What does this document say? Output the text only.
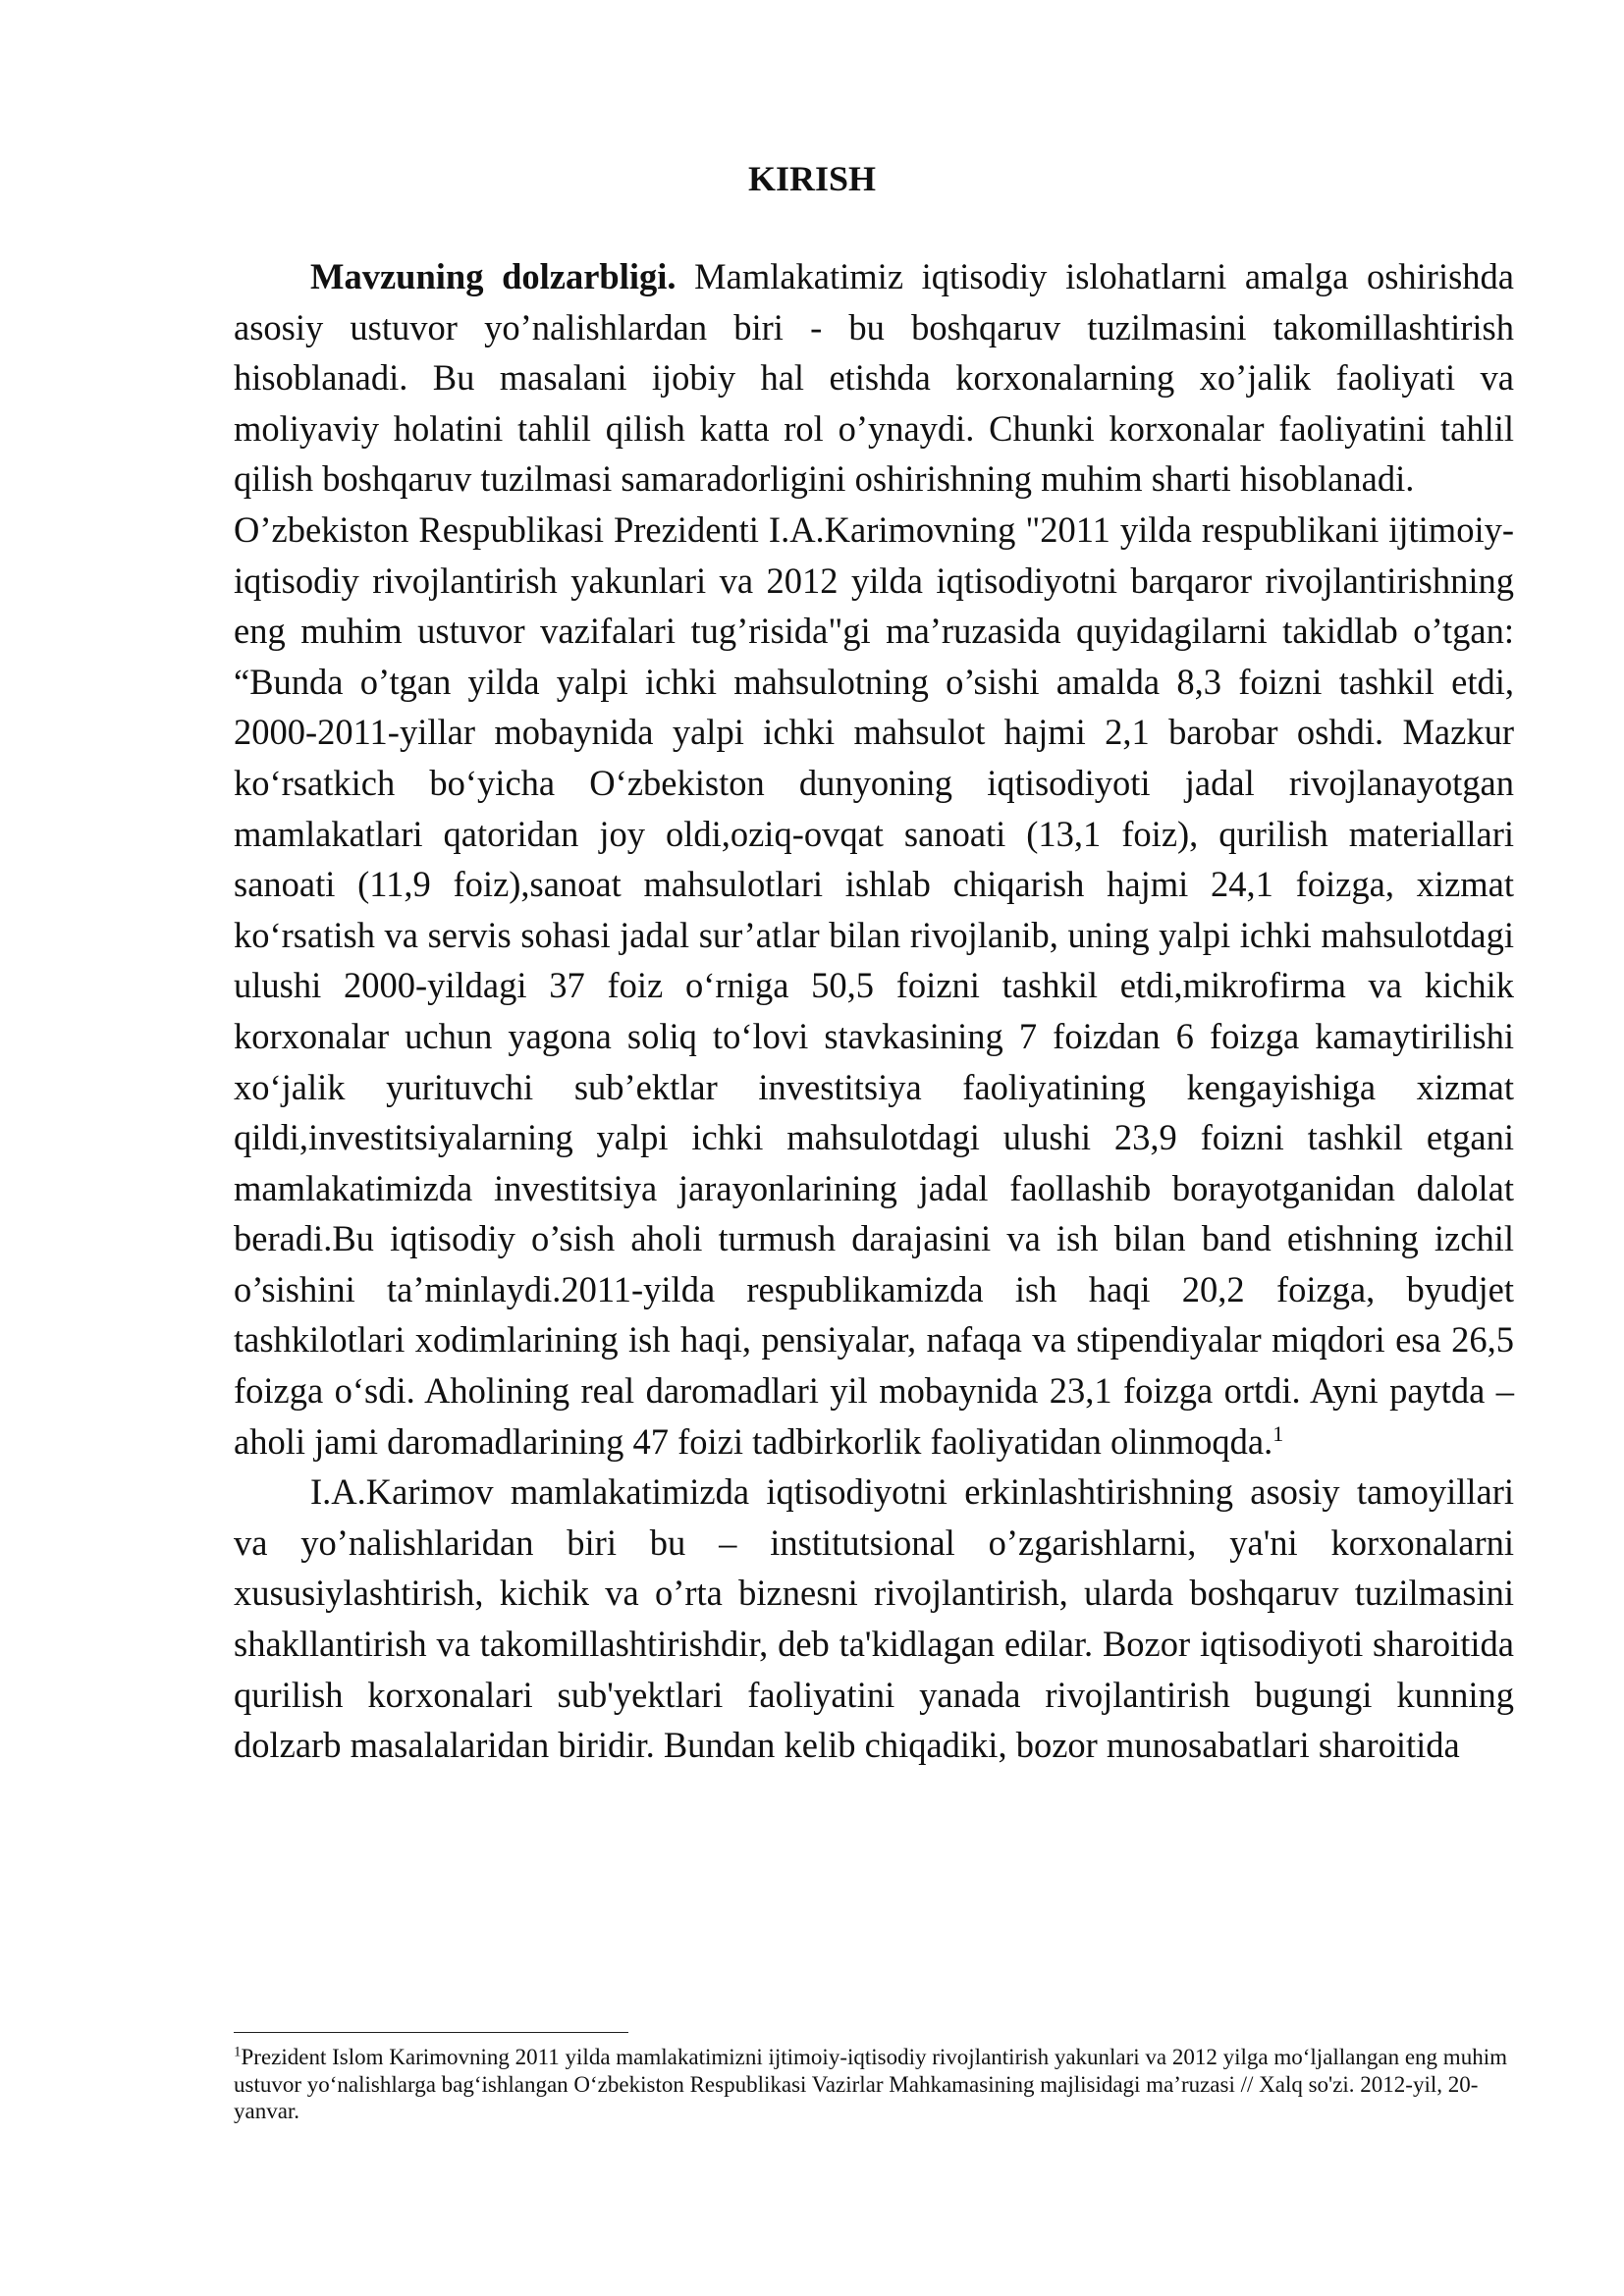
KIRISH

Mavzuning dolzarbligi. Mamlakatimiz iqtisodiy islohatlarni amalga oshirishda asosiy ustuvor yo’nalishlardan biri - bu boshqaruv tuzilmasini takomillashtirish hisoblanadi. Bu masalani ijobiy hal etishda korxonalarning xo’jalik faoliyati va moliyaviy holatini tahlil qilish katta rol o’ynaydi. Chunki korxonalar faoliyatini tahlil qilish boshqaruv tuzilmasi samaradorligini oshirishning muhim sharti hisoblanadi.

O’zbekiston Respublikasi Prezidenti I.A.Karimovning "2011 yilda respublikani ijtimoiy-iqtisodiy rivojlantirish yakunlari va 2012 yilda iqtisodiyotni barqaror rivojlantirishning eng muhim ustuvor vazifalari tug’risida"gi ma’ruzasida quyidagilarni takidlab o’tgan: “Bunda o’tgan yilda yalpi ichki mahsulotning o’sishi amalda 8,3 foizni tashkil etdi, 2000-2011-yillar mobaynida yalpi ichki mahsulot hajmi 2,1 barobar oshdi. Mazkur ko‘rsatkich bo‘yicha O‘zbekiston dunyoning iqtisodiyoti jadal rivojlanayotgan mamlakatlari qatoridan joy oldi,oziq-ovqat sanoati (13,1 foiz), qurilish materiallari sanoati (11,9 foiz),sanoat mahsulotlari ishlab chiqarish hajmi 24,1 foizga, xizmat ko‘rsatish va servis sohasi jadal sur’atlar bilan rivojlanib, uning yalpi ichki mahsulotdagi ulushi 2000-yildagi 37 foiz o‘rniga 50,5 foizni tashkil etdi,mikrofirma va kichik korxonalar uchun yagona soliq to‘lovi stavkasining 7 foizdan 6 foizga kamaytirilishi xo‘jalik yurituvchi sub’ektlar investitsiya faoliyatining kengayishiga xizmat qildi,investitsiyalarning yalpi ichki mahsulotdagi ulushi 23,9 foizni tashkil etgani mamlakatimizda investitsiya jarayonlarining jadal faollashib borayotganidan dalolat beradi.Bu iqtisodiy o’sish aholi turmush darajasini va ish bilan band etishning izchil o’sishini ta’minlaydi.2011-yilda respublikamizda ish haqi 20,2 foizga, byudjet tashkilotlari xodimlarining ish haqi, pensiyalar, nafaqa va stipendiyalar miqdori esa 26,5 foizga o‘sdi. Aholining real daromadlari yil mobaynida 23,1 foizga ortdi. Ayni paytda –aholi jami daromadlarining 47 foizi tadbirkorlik faoliyatidan olinmoqda.$^1$

I.A.Karimov mamlakatimizda iqtisodiyotni erkinlashtirishning asosiy tamoyillari va yo’nalishlaridan biri bu – institutsional o’zgarishlarni, ya'ni korxonalarni xususiylashtirish, kichik va o’rta biznesni rivojlantirish, ularda boshqaruv tuzilmasini shakllantirish va takomillashtirishdir, deb ta'kidlagan edilar. Bozor iqtisodiyoti sharoitida qurilish korxonalari sub'yektlari faoliyatini yanada rivojlantirish bugungi kunning dolzarb masalalaridan biridir. Bundan kelib chiqadiki, bozor munosabatlari sharoitida

$^1$Prezident Islom Karimovning 2011 yilda mamlakatimizni ijtimoiy-iqtisodiy rivojlantirish yakunlari va 2012 yilga mo‘ljallangan eng muhim ustuvor yo‘nalishlarga bag‘ishlangan O‘zbekiston Respublikasi Vazirlar Mahkamasining majlisidagi ma’ruzasi // Xalq so'zi. 2012-yil, 20-yanvar.
